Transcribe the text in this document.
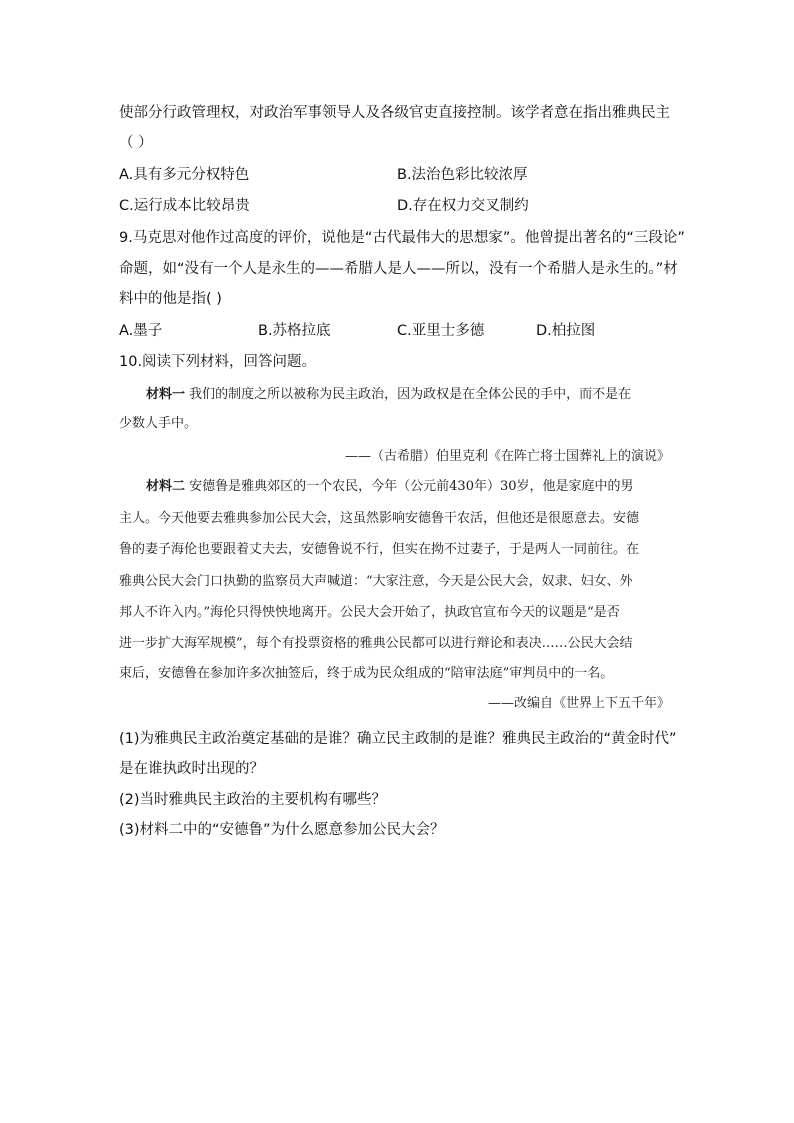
使部分行政管理权，对政治军事领导人及各级官吏直接控制。该学者意在指出雅典民主
（ ）
A.具有多元分权特色	B.法治色彩比较浓厚
C.运行成本比较昂贵	D.存在权力交叉制约
9.马克思对他作过高度的评价，说他是“古代最伟大的思想家”。他曾提出著名的“三段论”
命题，如“没有一个人是永生的——希腊人是人——所以，没有一个希腊人是永生的。”材
料中的他是指( )
A.墨子	B.苏格拉底	C.亚里士多德	D.柏拉图
10.阅读下列材料，回答问题。
材料一 我们的制度之所以被称为民主政治，因为政权是在全体公民的手中，而不是在
少数人手中。
——（古希腊）伯里克利《在阵亡将士国葬礼上的演说》
材料二 安德鲁是雅典郊区的一个农民，今年（公元前430年）30岁，他是家庭中的男
主人。今天他要去雅典参加公民大会，这虽然影响安德鲁干农活，但他还是很愿意去。安德
鲁的妻子海伦也要跟着丈夫去，安德鲁说不行，但实在拗不过妻子，于是两人一同前往。在
雅典公民大会门口执勤的监察员大声喊道：“大家注意，今天是公民大会，奴隶、妇女、外
邦人不许入内。”海伦只得怏怏地离开。公民大会开始了，执政官宣布今天的议题是“是否
进一步扩大海军规模”，每个有投票资格的雅典公民都可以进行辩论和表决……公民大会结
束后，安德鲁在参加许多次抽签后，终于成为民众组成的“陪审法庭”审判员中的一名。
——改编自《世界上下五千年》
(1)为雅典民主政治奠定基础的是谁？确立民主政制的是谁？雅典民主政治的“黄金时代”
是在谁执政时出现的？
(2)当时雅典民主政治的主要机构有哪些？
(3)材料二中的“安德鲁”为什么愿意参加公民大会？
